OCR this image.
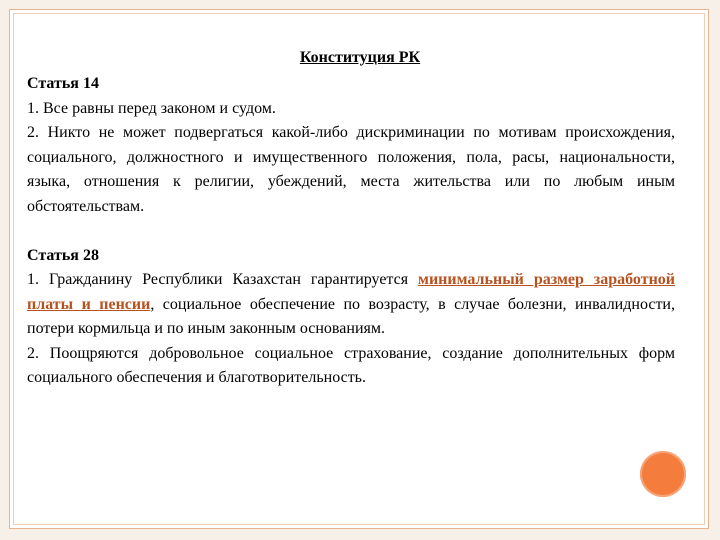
Конституция РК
Статья 14

1. Все равны перед законом и судом.

2. Никто не может подвергаться какой-либо дискриминации по мотивам происхождения, социального, должностного и имущественного положения, пола, расы, национальности, языка, отношения к религии, убеждений, места жительства или по любым иным обстоятельствам.

Статья 28

1. Гражданину Республики Казахстан гарантируется минимальный размер заработной платы и пенсии, социальное обеспечение по возрасту, в случае болезни, инвалидности, потери кормильца и по иным законным основаниям.

2. Поощряются добровольное социальное страхование, создание дополнительных форм социального обеспечения и благотворительность.
